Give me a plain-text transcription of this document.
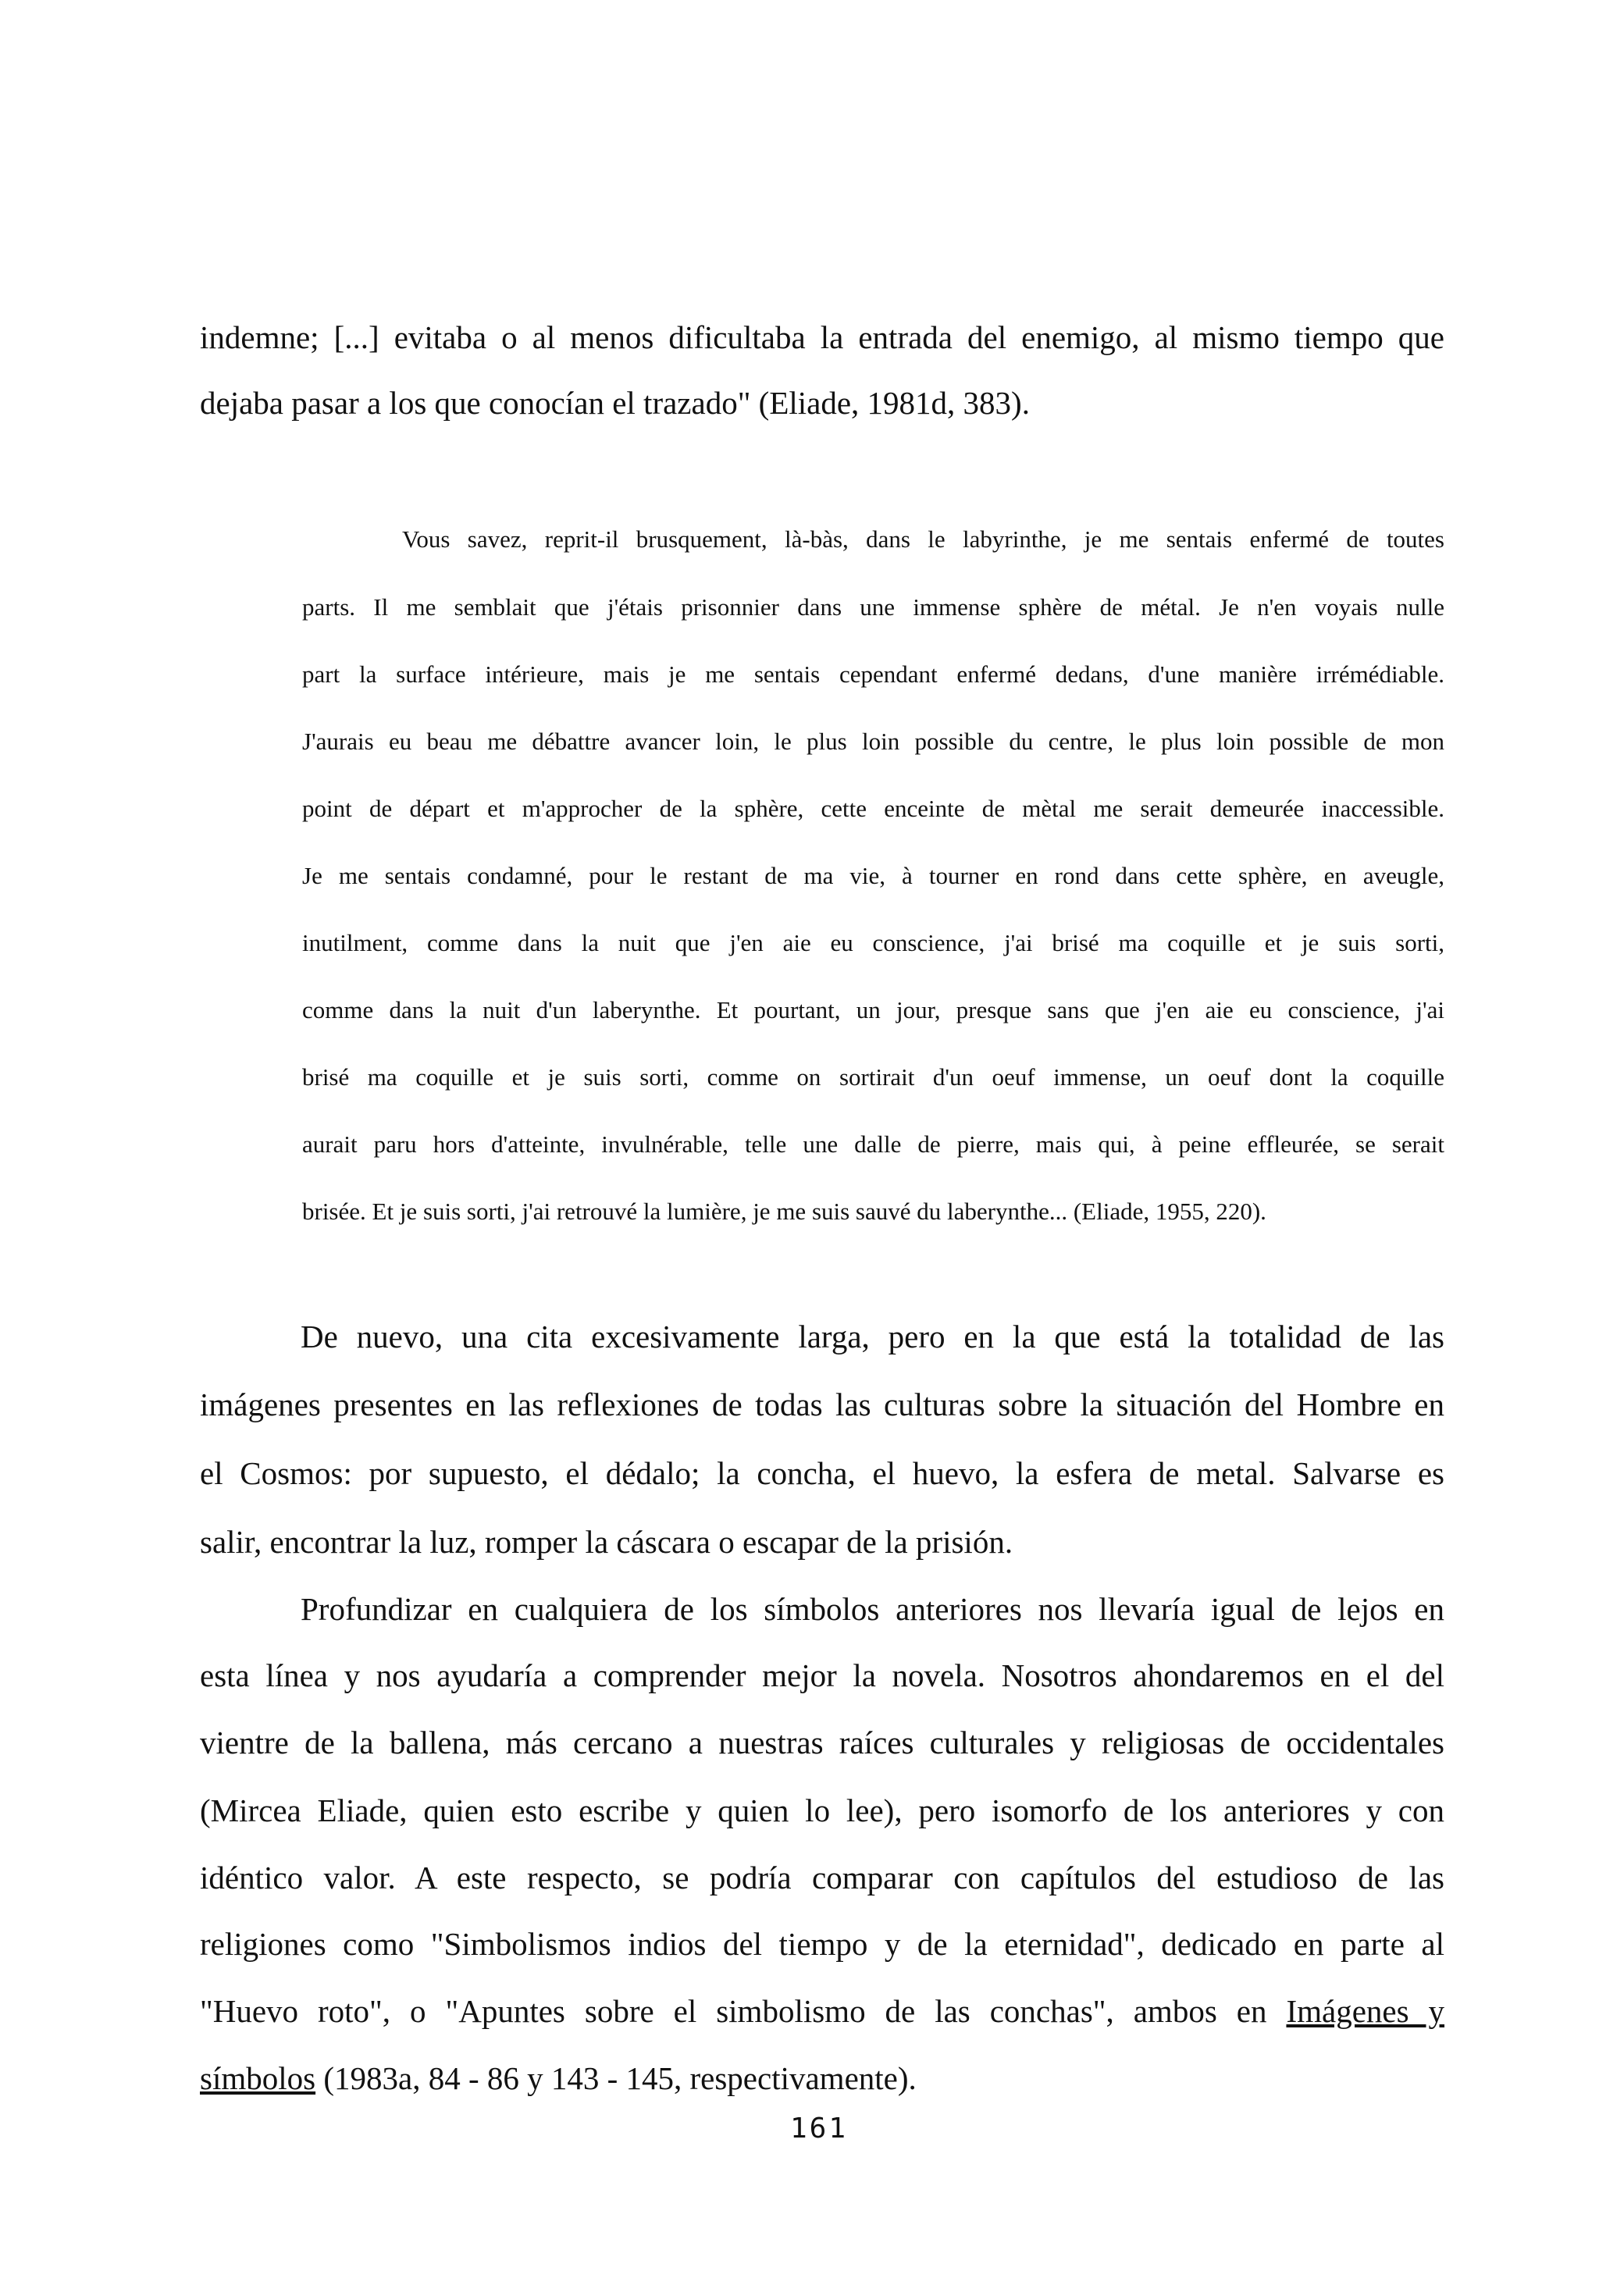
indemne; [...] evitaba o al menos dificultaba la entrada del enemigo, al mismo tiempo que
dejaba pasar a los que conocían el trazado" (Eliade, 1981d, 383).
Vous savez, reprit-il brusquement, là-bàs, dans le labyrinthe, je me sentais enfermé de toutes
parts. Il me semblait que j'étais prisonnier dans une immense sphère de métal. Je n'en voyais nulle
part la surface intérieure, mais je me sentais cependant enfermé dedans, d'une manière irrémédiable.
J'aurais eu beau me débattre avancer loin, le plus loin possible du centre, le plus loin possible de mon
point de départ et m'approcher de la sphère, cette enceinte de mètal me serait demeurée inaccessible.
Je me sentais condamné, pour le restant de ma vie, à tourner en rond dans cette sphère, en aveugle,
inutilment, comme dans la nuit que j'en aie eu conscience, j'ai brisé ma coquille et je suis sorti,
comme dans la nuit d'un laberynthe. Et pourtant, un jour, presque sans que j'en aie eu conscience, j'ai
brisé ma coquille et je suis sorti, comme on sortirait d'un oeuf immense, un oeuf dont la coquille
aurait paru hors d'atteinte, invulnérable, telle une dalle de pierre, mais qui, à peine effleurée, se serait
brisée. Et je suis sorti, j'ai retrouvé la lumière, je me suis sauvé du laberynthe... (Eliade, 1955, 220).
De nuevo, una cita excesivamente larga, pero en la que está la totalidad de las
imágenes presentes en las reflexiones de todas las culturas sobre la situación del Hombre en
el Cosmos: por supuesto, el dédalo; la concha, el huevo, la esfera de metal. Salvarse es
salir, encontrar la luz, romper la cáscara o escapar de la prisión.
Profundizar en cualquiera de los símbolos anteriores nos llevaría igual de lejos en
esta línea y nos ayudaría a comprender mejor la novela. Nosotros ahondaremos en el del
vientre de la ballena, más cercano a nuestras raíces culturales y religiosas de occidentales
(Mircea Eliade, quien esto escribe y quien lo lee), pero isomorfo de los anteriores y con
idéntico valor. A este respecto, se podría comparar con capítulos del estudioso de las
religiones como "Simbolismos indios del tiempo y de la eternidad", dedicado en parte al
"Huevo roto", o "Apuntes sobre el simbolismo de las conchas", ambos en Imágenes y
símbolos (1983a, 84 - 86 y 143 - 145, respectivamente).
161
